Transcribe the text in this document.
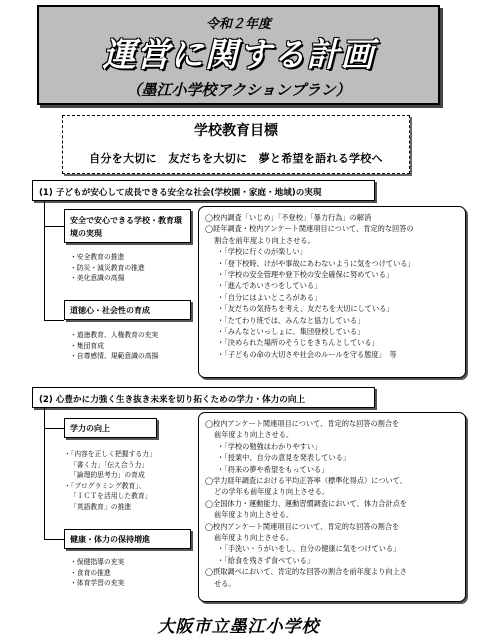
令和２年度
運営に関する計画
（墨江小学校アクションプラン）
学校教育目標
自分を大切に　友だちを大切に　夢と希望を語れる学校へ
(1) 子どもが安心して成長できる安全な社会(学校園・家庭・地域)の実現
安全で安心できる学校・教育環境の実現
・安全教育の推進
・防災・減災教育の推進
・美化意識の高揚
道徳心・社会性の育成
・道徳教育、人権教育の充実
・集団育成
・自尊感情、規範意識の高揚
◯校内調査「いじめ」「不登校」「暴力行為」の解消
◯経年調査・校内アンケート関連項目について、肯定的な回答の
割合を前年度より向上させる。
・「学校に行くのが楽しい」
・「登下校時、けがや事故にあわないように気をつけている」
・「学校の安全管理や登下校の安全確保に努めている」
・「進んであいさつをしている」
・「自分にはよいところがある」
・「友だちの気持ちを考え、友だちを大切にしている」
・「たてわり班では、みんなと協力している」
・「みんなといっしょに、集団登校している」
・「決められた場所のそうじをきちんとしている」
・「子どもの命の大切さや社会のルールを守る態度」　等
(2) 心豊かに力強く生き抜き未来を切り拓くための学力・体力の向上
学力の向上
・「内容を正しく把握する力」
「書く力」「伝え合う力」
「論理的思考力」の育成
・「プログラミング教育」、
「ＩＣＴを活用した教育」
「英語教育」の推進
健康・体力の保持増進
・保健指導の充実
・食育の推進
・体育学習の充実
◯校内アンケート関連項目について、肯定的な回答の割合を
前年度より向上させる。
・「学校の勉強はわかりやすい」
・「授業中、自分の意見を発表している」
・「将来の夢や希望をもっている」
◯学力経年調査における平均正答率（標準化得点）について、
どの学年も前年度より向上させる。
◯全国体力・運動能力、運動習慣調査において、体力合計点を
前年度より向上させる。
◯校内アンケート関連項目について、肯定的な回答の割合を
前年度より向上させる。
・「手洗い・うがいをし、自分の健康に気をつけている」
・「給食を残さず食べている」
◯摂取調べにおいて、肯定的な回答の割合を前年度より向上さ
せる。
大阪市立墨江小学校
